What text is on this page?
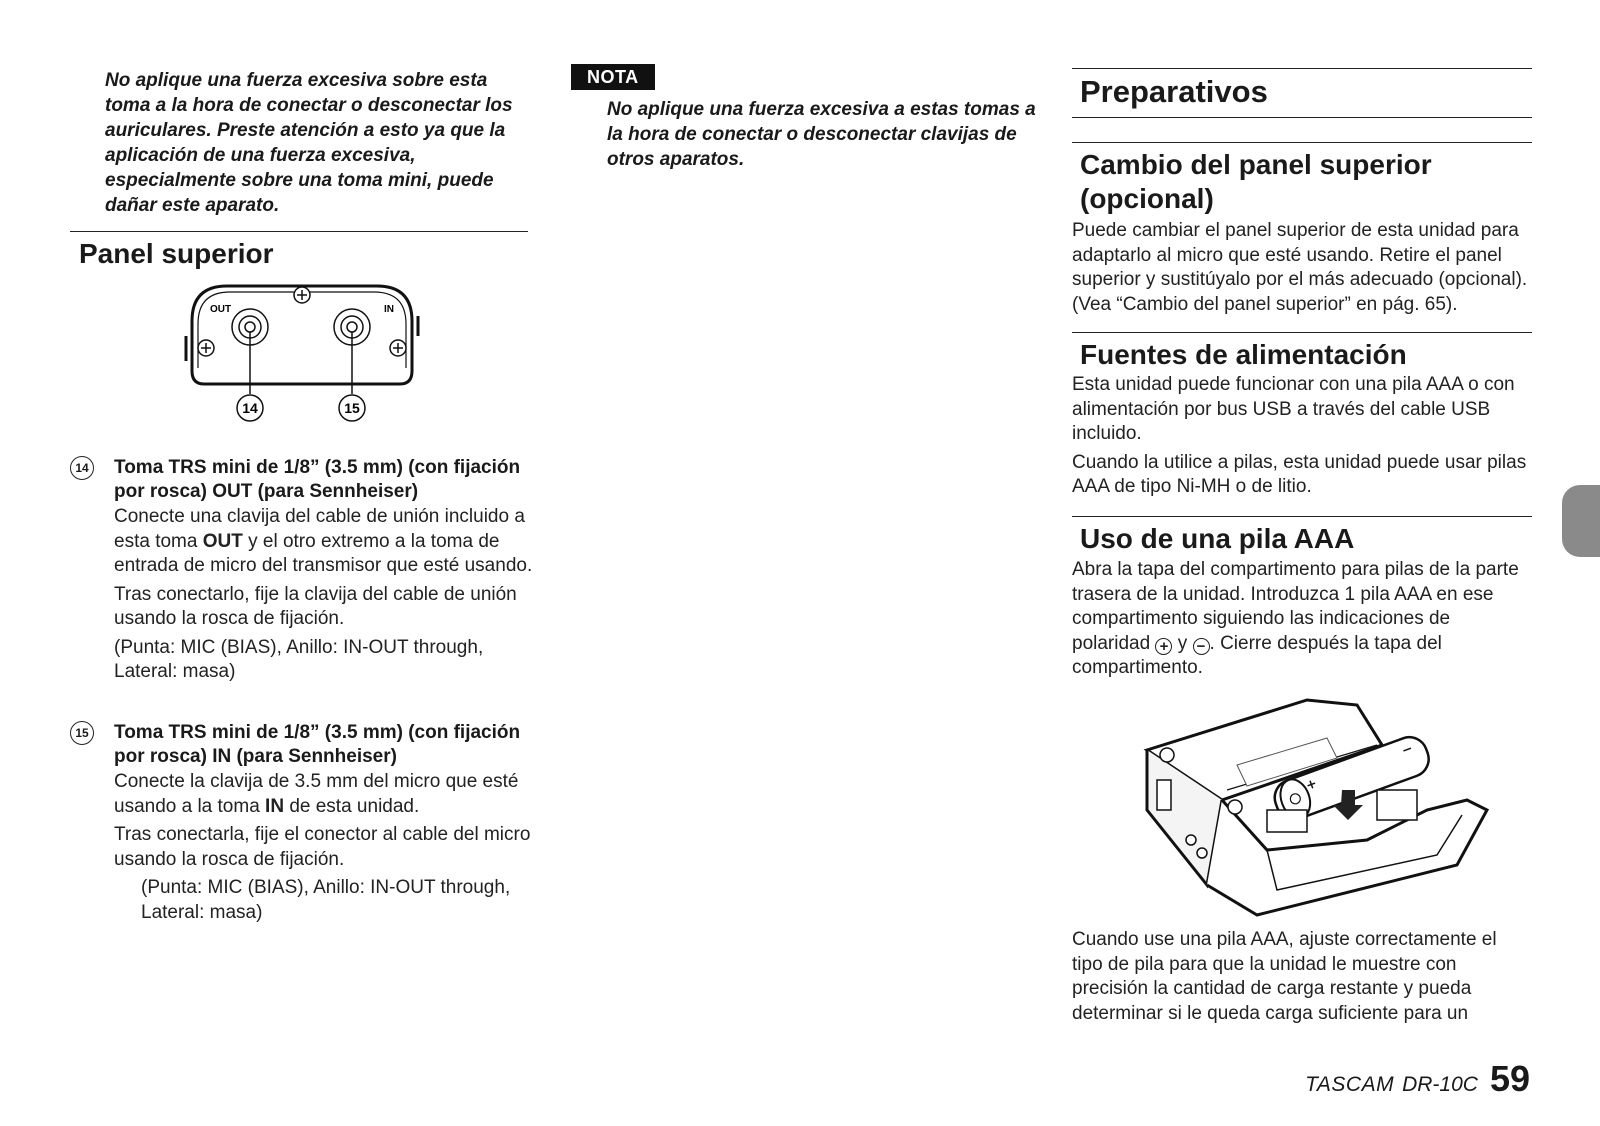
No aplique una fuerza excesiva sobre esta toma a la hora de conectar o desconectar los auriculares. Preste atención a esto ya que la aplicación de una fuerza excesiva, especialmente sobre una toma mini, puede dañar este aparato.
Panel superior
OUT	IN
14	15
14 Toma TRS mini de 1/8” (3.5 mm) (con fijación por rosca) OUT (para Sennheiser)

Conecte una clavija del cable de unión incluido a esta toma OUT y el otro extremo a la toma de entrada de micro del transmisor que esté usando.

Tras conectarlo, fije la clavija del cable de unión usando la rosca de fijación.

(Punta: MIC (BIAS), Anillo: IN-OUT through, Lateral: masa)

15 Toma TRS mini de 1/8” (3.5 mm) (con fijación por rosca) IN (para Sennheiser)

Conecte la clavija de 3.5 mm del micro que esté usando a la toma IN de esta unidad.

Tras conectarla, fije el conector al cable del micro usando la rosca de fijación.

(Punta: MIC (BIAS), Anillo: IN-OUT through, Lateral: masa)

NOTA
No aplique una fuerza excesiva a estas tomas a la hora de conectar o desconectar clavijas de otros aparatos.
Preparativos
Cambio del panel superior (opcional)
Puede cambiar el panel superior de esta unidad para adaptarlo al micro que esté usando. Retire el panel superior y sustitúyalo por el más adecuado (opcional). (Vea “Cambio del panel superior” en pág. 65).
Fuentes de alimentación

Esta unidad puede funcionar con una pila AAA o con alimentación por bus USB a través del cable USB incluido.

Cuando la utilice a pilas, esta unidad puede usar pilas AAA de tipo Ni-MH o de litio.

Uso de una pila AAA
Abra la tapa del compartimento para pilas de la parte trasera de la unidad. Introduzca 1 pila AAA en ese compartimento siguiendo las indicaciones de polaridad + y − . Cierre después la tapa del compartimento.
Cuando use una pila AAA, ajuste correctamente el tipo de pila para que la unidad le muestre con precisión la cantidad de carga restante y pueda determinar si le queda carga suficiente para un
TASCAM DR-10C 59
